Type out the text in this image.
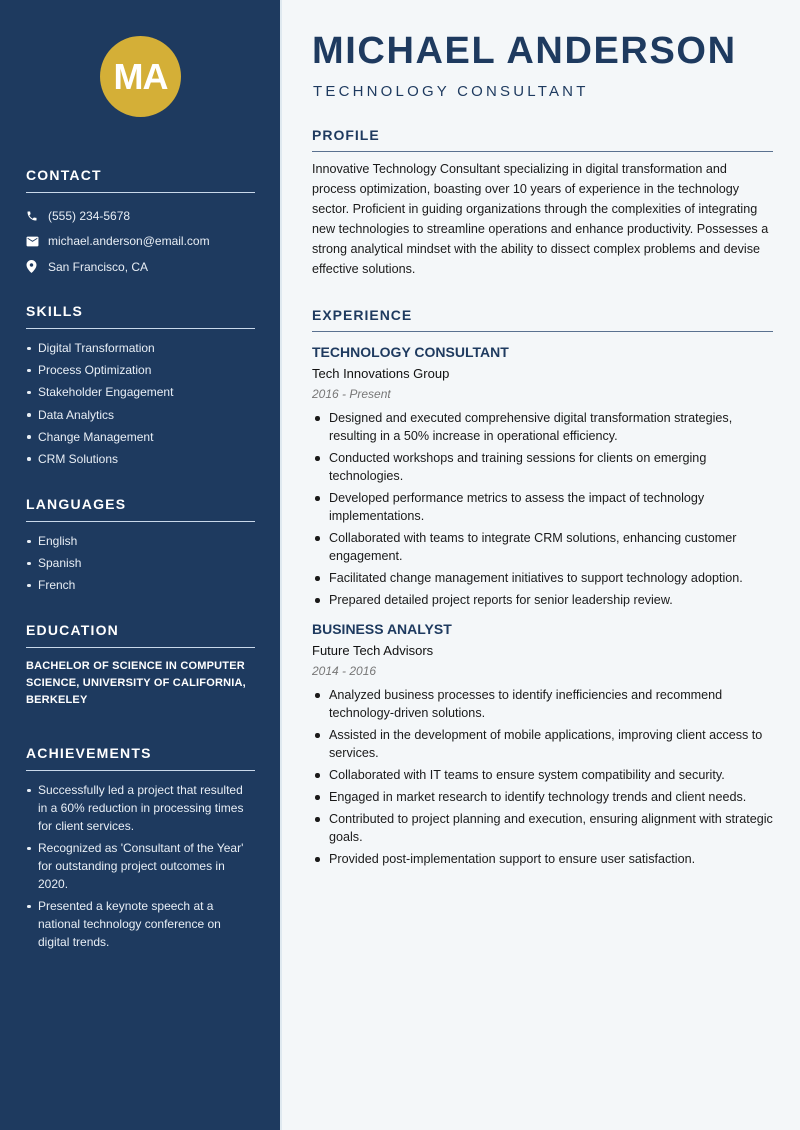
MA
CONTACT
(555) 234-5678
michael.anderson@email.com
San Francisco, CA
SKILLS
Digital Transformation
Process Optimization
Stakeholder Engagement
Data Analytics
Change Management
CRM Solutions
LANGUAGES
English
Spanish
French
EDUCATION
BACHELOR OF SCIENCE IN COMPUTER SCIENCE, UNIVERSITY OF CALIFORNIA, BERKELEY
ACHIEVEMENTS
Successfully led a project that resulted in a 60% reduction in processing times for client services.
Recognized as 'Consultant of the Year' for outstanding project outcomes in 2020.
Presented a keynote speech at a national technology conference on digital trends.
MICHAEL ANDERSON
TECHNOLOGY CONSULTANT
PROFILE

Innovative Technology Consultant specializing in digital transformation and process optimization, boasting over 10 years of experience in the technology sector. Proficient in guiding organizations through the complexities of integrating new technologies to streamline operations and enhance productivity. Possesses a strong analytical mindset with the ability to dissect complex problems and devise effective solutions.

EXPERIENCE
TECHNOLOGY CONSULTANT
Tech Innovations Group
2016 - Present
Designed and executed comprehensive digital transformation strategies, resulting in a 50% increase in operational efficiency.
Conducted workshops and training sessions for clients on emerging technologies.
Developed performance metrics to assess the impact of technology implementations.
Collaborated with teams to integrate CRM solutions, enhancing customer engagement.
Facilitated change management initiatives to support technology adoption.
Prepared detailed project reports for senior leadership review.
BUSINESS ANALYST
Future Tech Advisors
2014 - 2016
Analyzed business processes to identify inefficiencies and recommend technology-driven solutions.
Assisted in the development of mobile applications, improving client access to services.
Collaborated with IT teams to ensure system compatibility and security.
Engaged in market research to identify technology trends and client needs.
Contributed to project planning and execution, ensuring alignment with strategic goals.
Provided post-implementation support to ensure user satisfaction.
